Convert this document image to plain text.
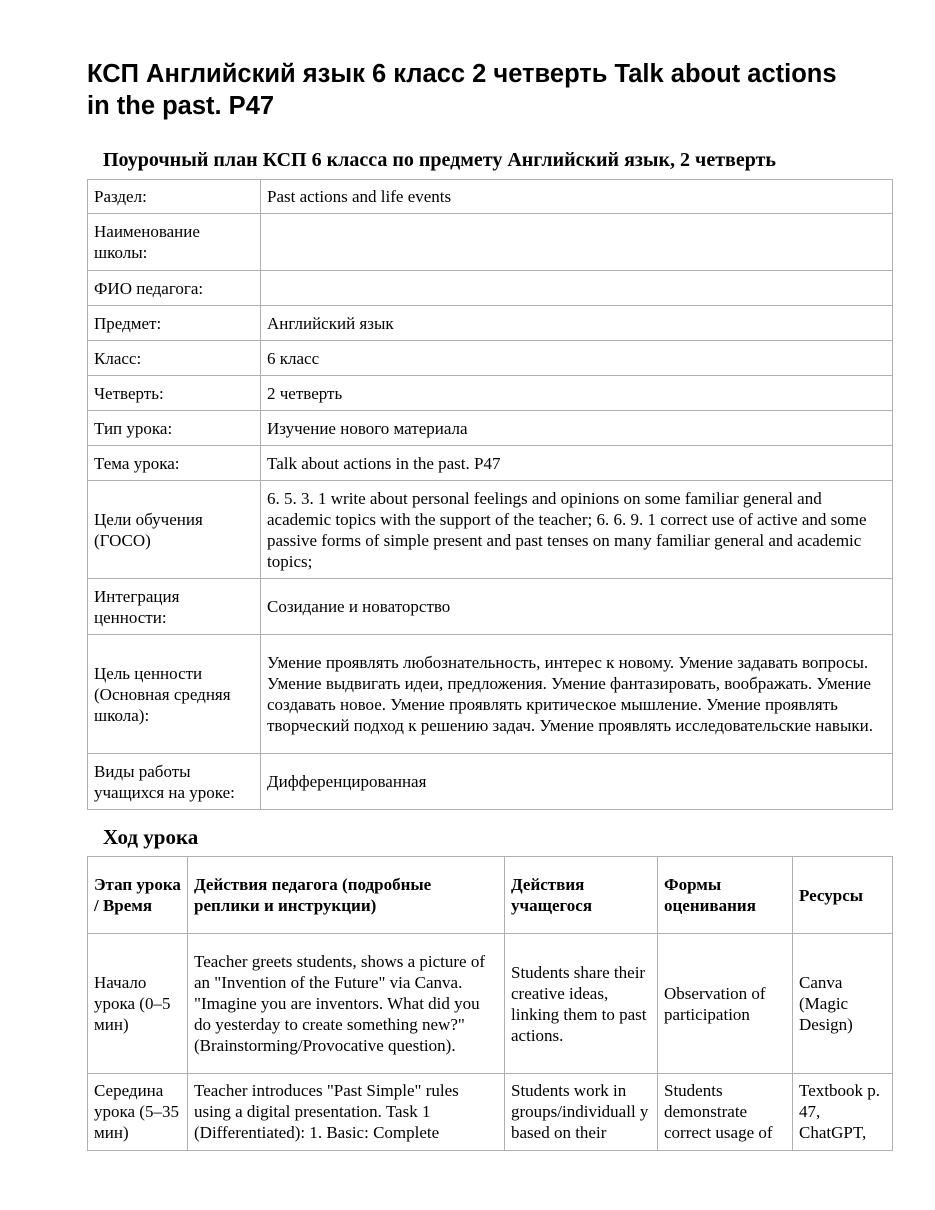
КСП Английский язык 6 класс 2 четверть Talk about actions in the past. P47
Поурочный план КСП 6 класса по предмету Английский язык, 2 четверть
Раздел:	Past actions and life events
Наименование школы:	
ФИО педагога:	
Предмет:	Английский язык
Класс:	6 класс
Четверть:	2 четверть
Тип урока:	Изучение нового материала
Тема урока:	Talk about actions in the past. P47
Цели обучения (ГОСО)	6. 5. 3. 1 write about personal feelings and opinions on some familiar general and academic topics with the support of the teacher; 6. 6. 9. 1 correct use of active and some passive forms of simple present and past tenses on many familiar general and academic topics;
Интеграция ценности:	Созидание и новаторство
Цель ценности (Основная средняя школа):	Умение проявлять любознательность, интерес к новому. Умение задавать вопросы. Умение выдвигать идеи, предложения. Умение фантазировать, воображать. Умение создавать новое. Умение проявлять критическое мышление. Умение проявлять творческий подход к решению задач. Умение проявлять исследовательские навыки.
Виды работы учащихся на уроке:	Дифференцированная
Ход урока
Этап урока / Время	Действия педагога (подробные реплики и инструкции)	Действия учащегося	Формы оценивания	Ресурсы
Начало урока (0–5 мин)	Teacher greets students, shows a picture of an "Invention of the Future" via Canva. "Imagine you are inventors. What did you do yesterday to create something new?" (Brainstorming/Provocative question).	Students share their creative ideas, linking them to past actions.	Observation of participation	Canva (Magic Design)
Середина урока (5–35 мин)	Teacher introduces "Past Simple" rules using a digital presentation. Task 1 (Differentiated): 1. Basic: Complete	Students work in groups/individuall y based on their	Students demonstrate correct usage of	Textbook p. 47, ChatGPT,
